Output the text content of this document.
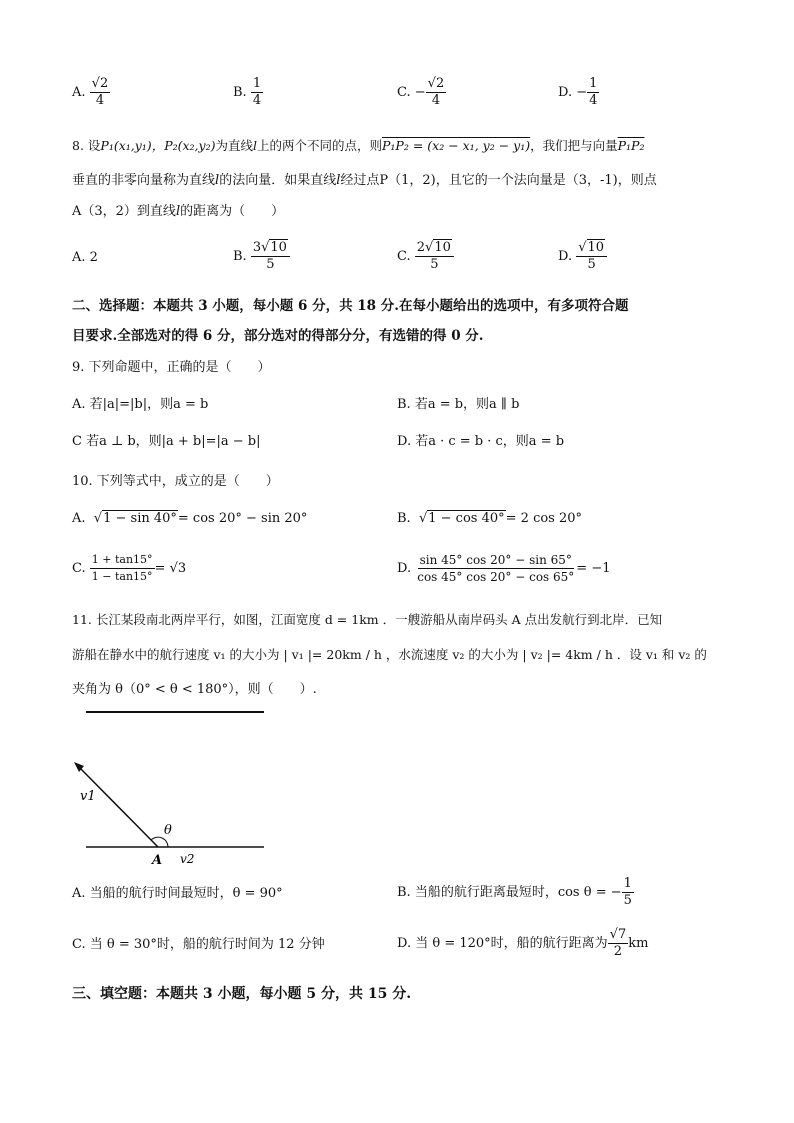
A. $\frac{√2}{4}$	B. $\frac{1}{4}$	C. − $\frac{√2}{4}$	D. − $\frac{1}{4}$
8. 设P₁(x₁,y₁)，P₂(x₂,y₂)为直线l上的两个不同的点，则P₁P₂ = (x₂ − x₁, y₂ − y₁)，我们把与向量P₁P₂
垂直的非零向量称为直线l的法向量．如果直线l经过点P（1，2)，且它的一个法向量是（3，-1)，则点
A（3，2）到直线l的距离为（　　）
A. 2	B. $\frac{3√10}{5}$	C. $\frac{2√10}{5}$	D. $\frac{√10}{5}$
二、选择题：本题共 3 小题，每小题 6 分，共 18 分.在每小题给出的选项中，有多项符合题
目要求.全部选对的得 6 分，部分选对的得部分分，有选错的得 0 分.
9. 下列命题中，正确的是（　　）
A. 若|a|=|b|，则a = b	B. 若a = b，则a ∥ b
C 若a ⊥ b，则|a + b|=|a − b|	D. 若a · c = b · c，则a = b
10. 下列等式中，成立的是（　　）
A.  √1 − sin 40°= cos 20° − sin 20°	B.  √1 − cos 40°= 2 cos 20°
C. $\frac{1 + \tan 15^\circ}{1 - \tan 15^\circ} = √3$	D. $\frac{\sin 45^\circ \cos 20^\circ - \sin 65^\circ}{\cos 45^\circ \cos 20^\circ - \cos 65^\circ} = -1$
11. 长江某段南北两岸平行，如图，江面宽度 d = 1km ．一艘游船从南岸码头 A 点出发航行到北岸．已知
游船在静水中的航行速度 v₁ 的大小为 | v₁ |= 20km / h ，水流速度 v₂ 的大小为 | v₂ |= 4km / h ．设 v₁ 和 v₂ 的
夹角为 θ（0° < θ < 180°），则（　　）.
v1
θ
A v2
A. 当船的航行时间最短时，θ = 90°	B. 当船的航行距离最短时，cos θ = − $\frac{1}{5}$
C. 当 θ = 30°时，船的航行时间为 12 分钟	D. 当 θ = 120°时，船的航行距离为 $\frac{√7}{2}$ km
三、填空题：本题共 3 小题，每小题 5 分，共 15 分.
